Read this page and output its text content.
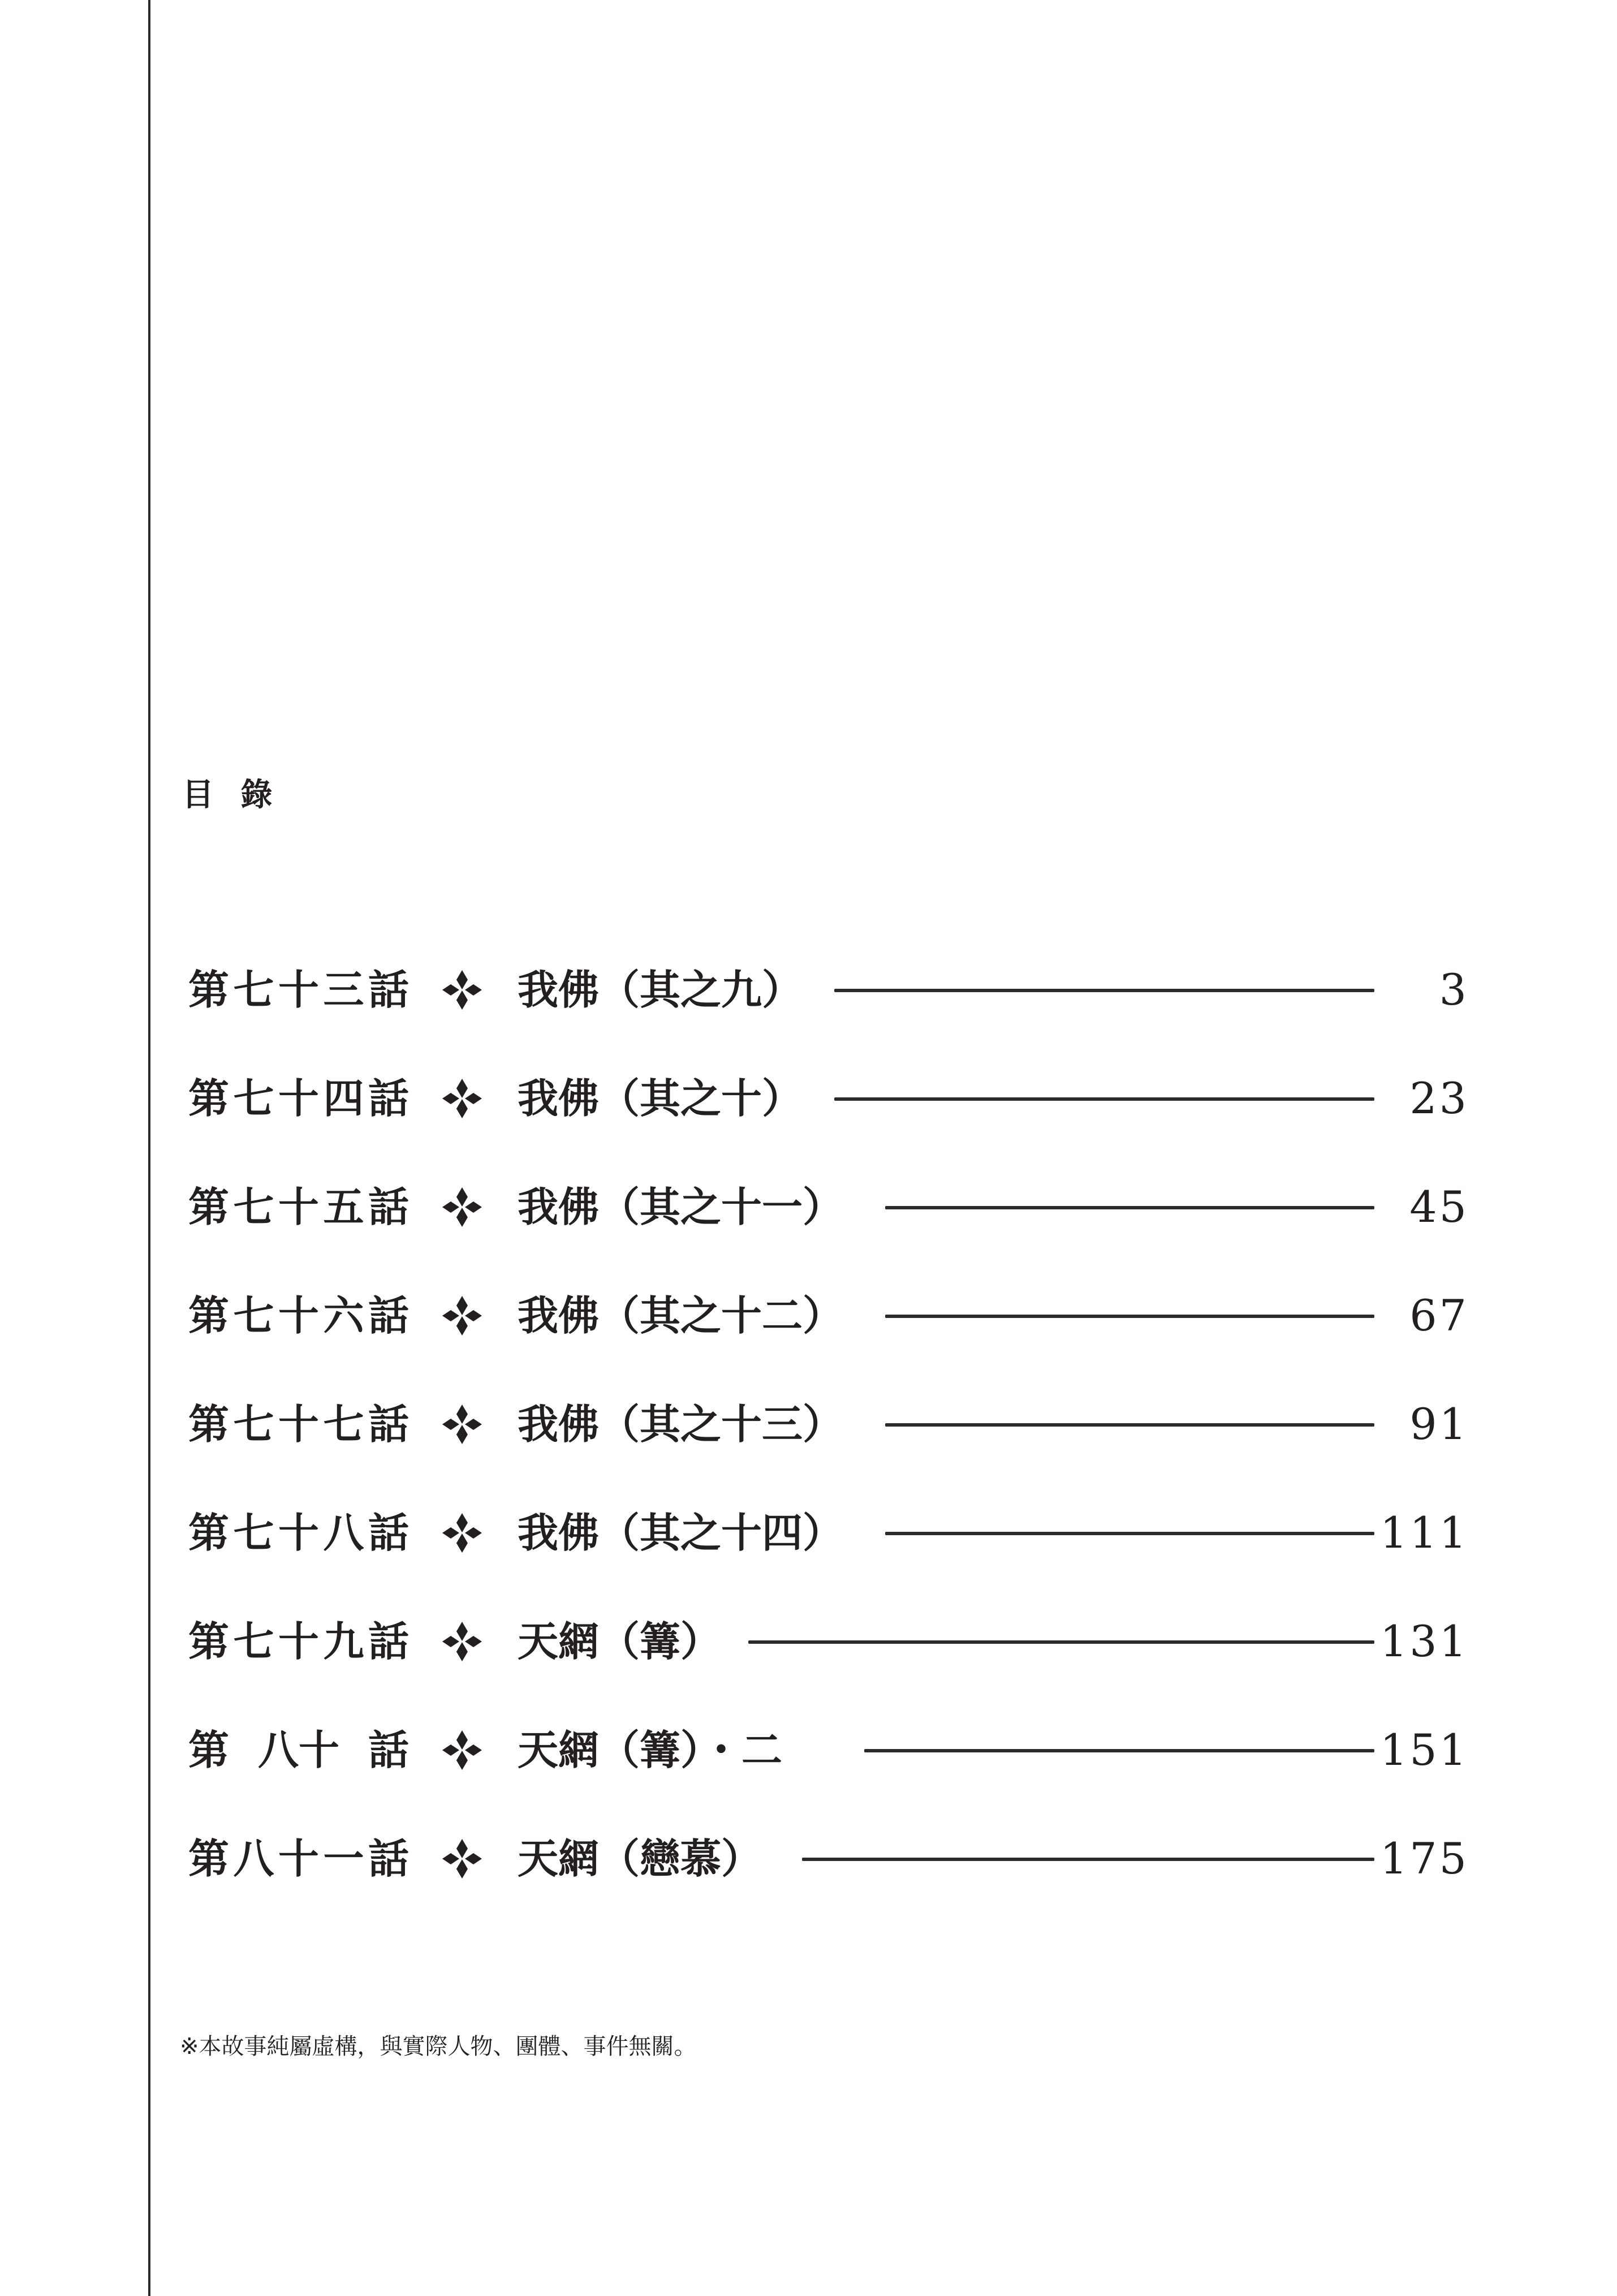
目 錄
第 七 十 三 話	我佛（其之九）	3
第 七 十 四 話	我佛（其之十）	23
第 七 十 五 話	我佛（其之十一）	45
第 七 十 六 話	我佛（其之十二）	67
第 七 十 七 話	我佛（其之十三）	91
第 七 十 八 話	我佛（其之十四）	111
第 七 十 九 話	天網（篝）	131
第 八十 話	天網（篝）・二	151
第 八 十 一 話	天網（戀慕）	175
※本故事純屬虛構，與實際人物、團體、事件無關。
